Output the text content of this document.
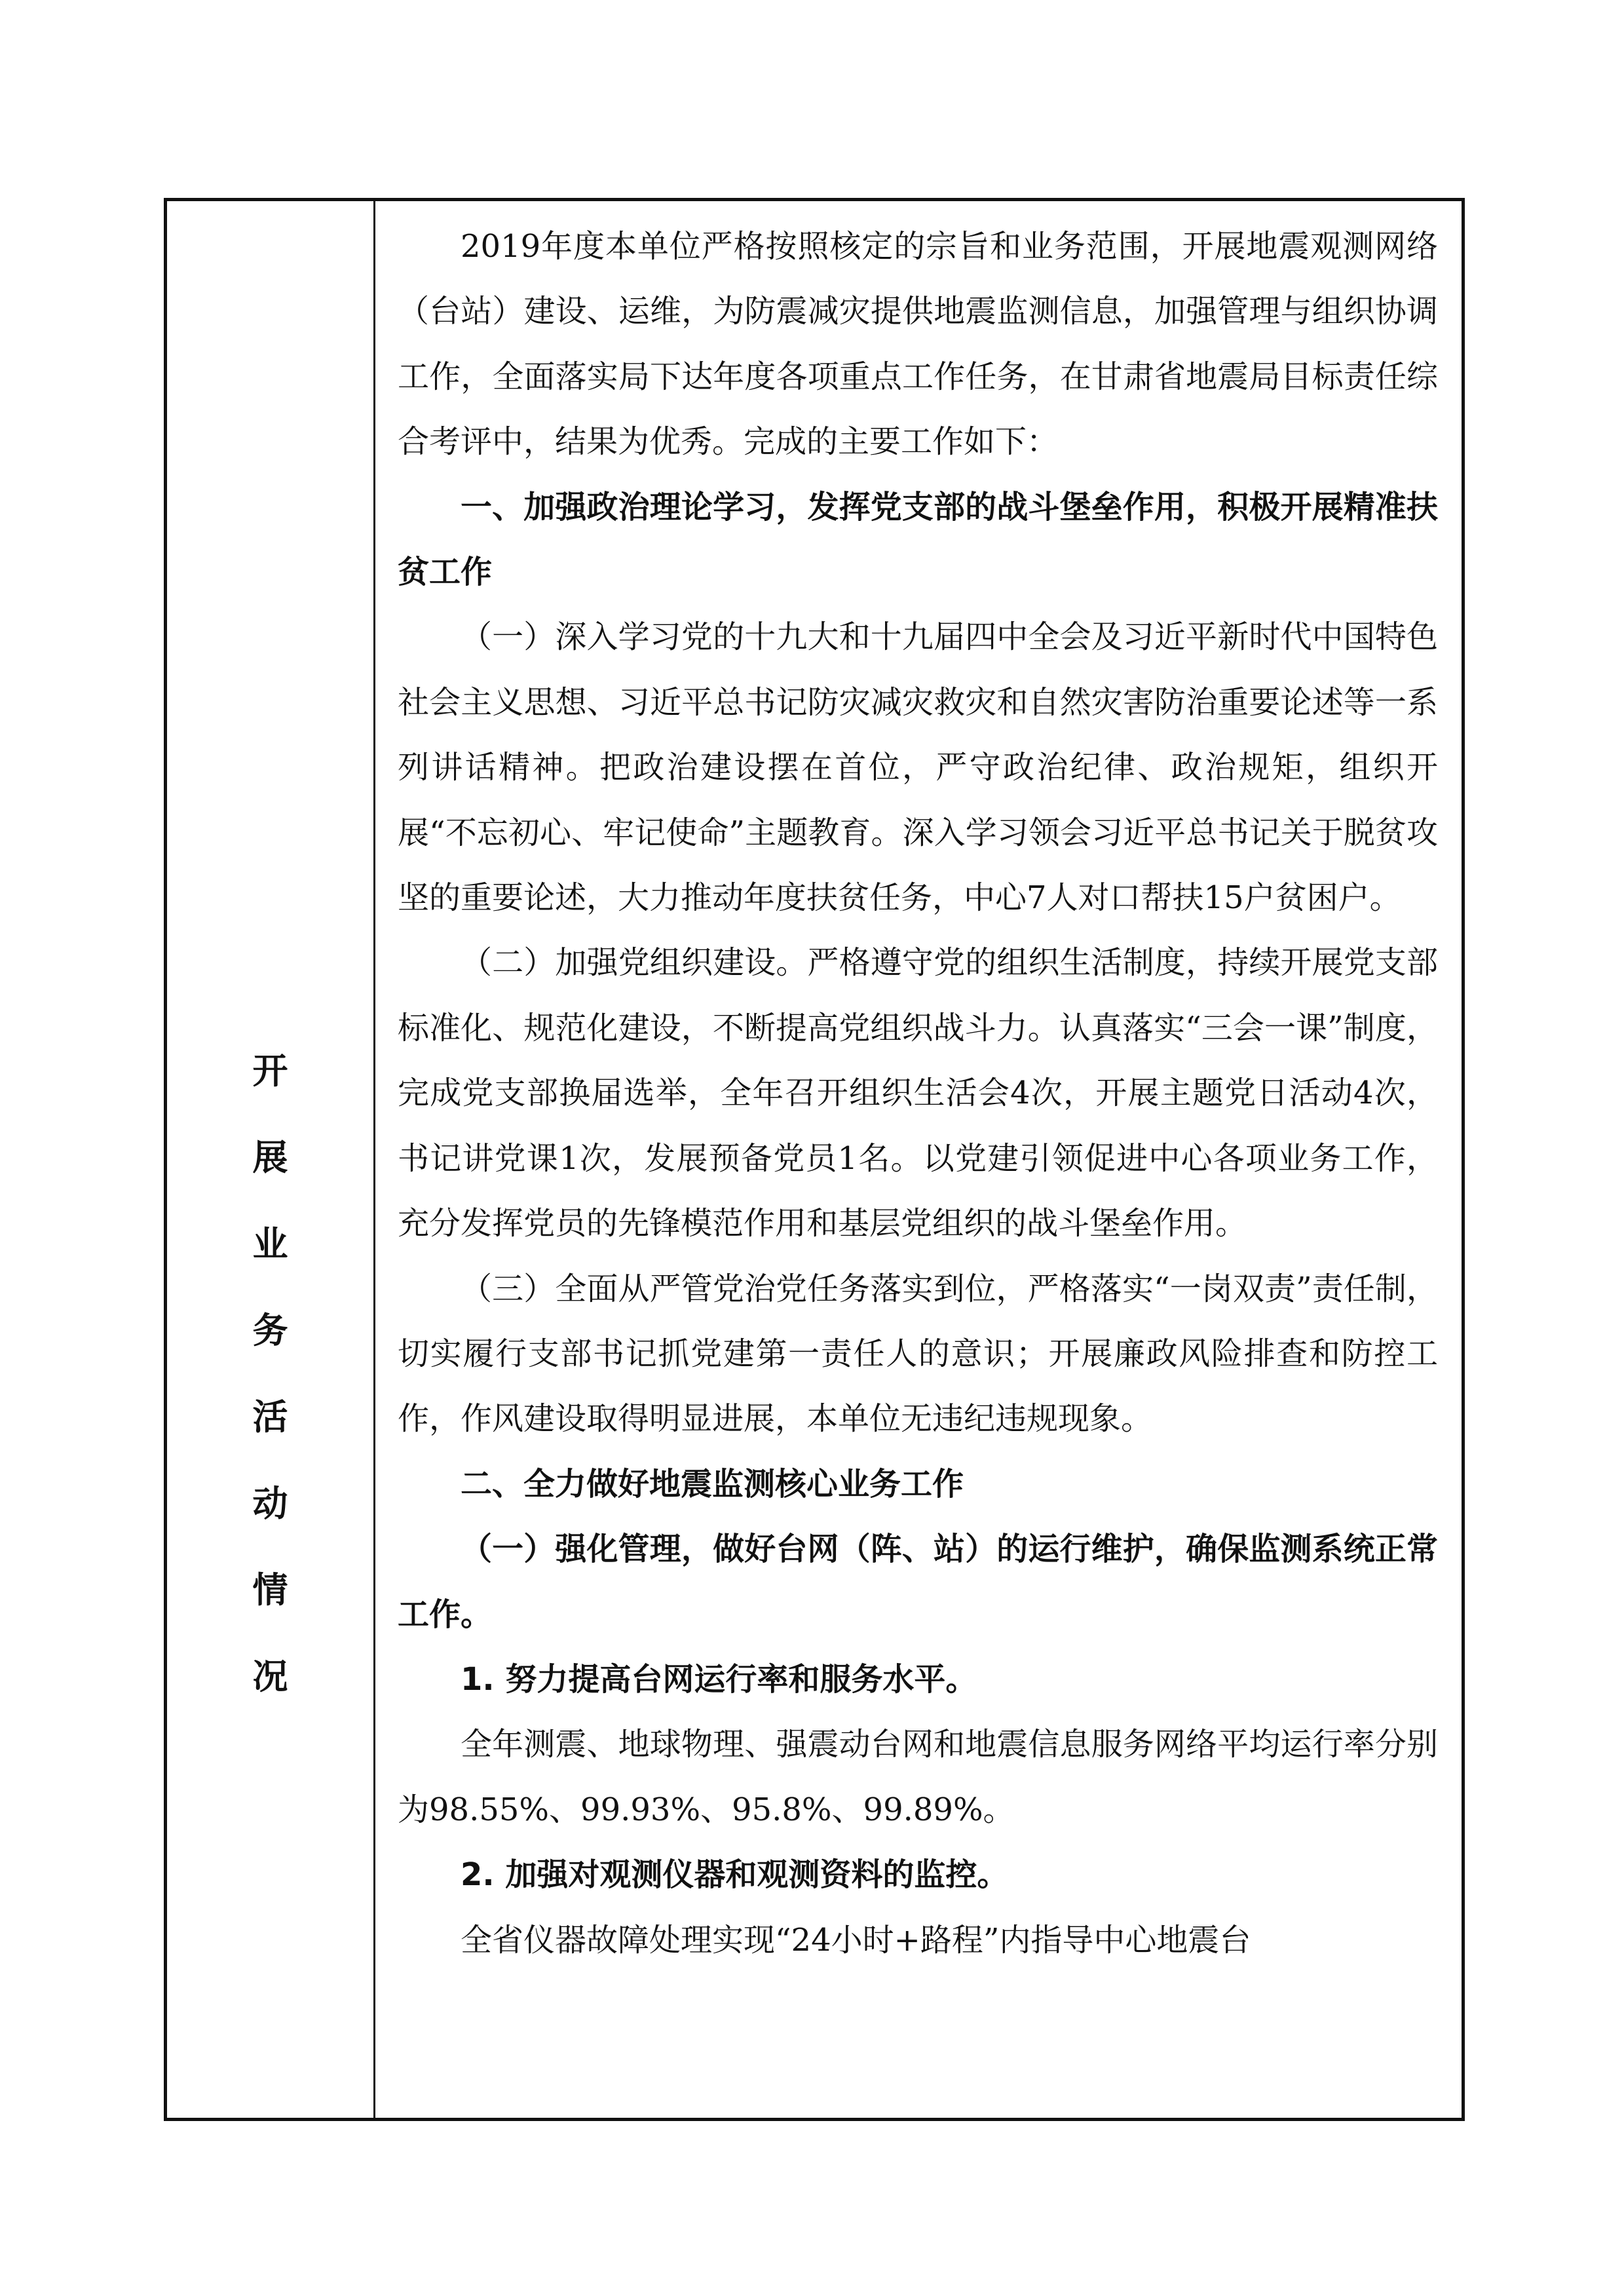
开
展
业
务
活
动
情
况

2019年度本单位严格按照核定的宗旨和业务范围，开展地震观测网络（台站）建设、运维，为防震减灾提供地震监测信息，加强管理与组织协调工作，全面落实局下达年度各项重点工作任务，在甘肃省地震局目标责任综合考评中，结果为优秀。完成的主要工作如下：

一、加强政治理论学习，发挥党支部的战斗堡垒作用，积极开展精准扶贫工作

（一）深入学习党的十九大和十九届四中全会及习近平新时代中国特色社会主义思想、习近平总书记防灾减灾救灾和自然灾害防治重要论述等一系列讲话精神。把政治建设摆在首位，严守政治纪律、政治规矩，组织开展“不忘初心、牢记使命”主题教育。深入学习领会习近平总书记关于脱贫攻坚的重要论述，大力推动年度扶贫任务，中心7人对口帮扶15户贫困户。

（二）加强党组织建设。严格遵守党的组织生活制度，持续开展党支部标准化、规范化建设，不断提高党组织战斗力。认真落实“三会一课”制度，完成党支部换届选举，全年召开组织生活会4次，开展主题党日活动4次，书记讲党课1次，发展预备党员1名。以党建引领促进中心各项业务工作，充分发挥党员的先锋模范作用和基层党组织的战斗堡垒作用。

（三）全面从严管党治党任务落实到位，严格落实“一岗双责”责任制，切实履行支部书记抓党建第一责任人的意识；开展廉政风险排查和防控工作，作风建设取得明显进展，本单位无违纪违规现象。

二、全力做好地震监测核心业务工作

（一）强化管理，做好台网（阵、站）的运行维护，确保监测系统正常工作。

1. 努力提高台网运行率和服务水平。

全年测震、地球物理、强震动台网和地震信息服务网络平均运行率分别为98.55%、99.93%、95.8%、99.89%。

2. 加强对观测仪器和观测资料的监控。

全省仪器故障处理实现“24小时+路程”内指导中心地震台
